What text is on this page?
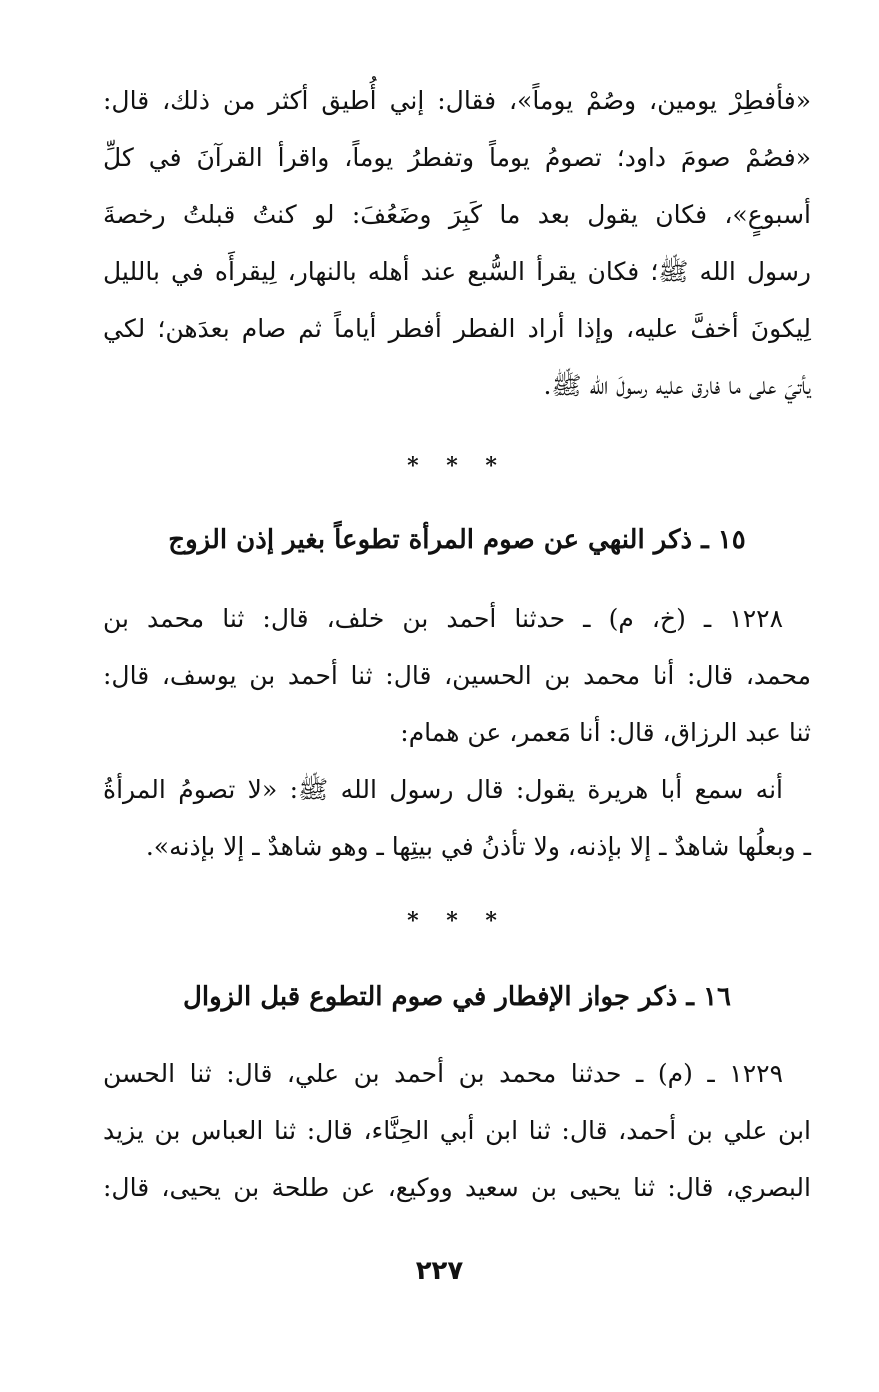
«فأفطِرْ يومين، وصُمْ يوماً»، فقال: إني أُطيق أكثر من ذلك، قال:
«فصُمْ صومَ داود؛ تصومُ يوماً وتفطرُ يوماً، واقرأ القرآنَ في كلِّ
أسبوعٍ»، فكان يقول بعد ما كَبِرَ وضَعُفَ: لو كنتُ قبلتُ رخصةَ
رسول الله ﷺ؛ فكان يقرأ السُّبع عند أهله بالنهار، لِيقرأَه في بالليل
لِيكونَ أخفَّ عليه، وإذا أراد الفطر أفطر أياماً ثم صام بعدَهن؛ لكي
يأتيَ على ما فارق عليه رسولَ الله ﷺ.
* * *
١٥ ـ ذكر النهي عن صوم المرأة تطوعاً بغير إذن الزوج
١٢٢٨ ـ (خ، م) ـ حدثنا أحمد بن خلف، قال: ثنا محمد بن
محمد، قال: أنا محمد بن الحسين، قال: ثنا أحمد بن يوسف، قال:
ثنا عبد الرزاق، قال: أنا مَعمر، عن همام:
أنه سمع أبا هريرة يقول: قال رسول الله ﷺ: «لا تصومُ المرأةُ
ـ وبعلُها شاهدٌ ـ إلا بإذنه، ولا تأذنُ في بيتِها ـ وهو شاهدٌ ـ إلا بإذنه».
* * *
١٦ ـ ذكر جواز الإفطار في صوم التطوع قبل الزوال
١٢٢٩ ـ (م) ـ حدثنا محمد بن أحمد بن علي، قال: ثنا الحسن
ابن علي بن أحمد، قال: ثنا ابن أبي الحِنَّاء، قال: ثنا العباس بن يزيد
البصري، قال: ثنا يحيى بن سعيد ووكيع، عن طلحة بن يحيى، قال:
٢٢٧
